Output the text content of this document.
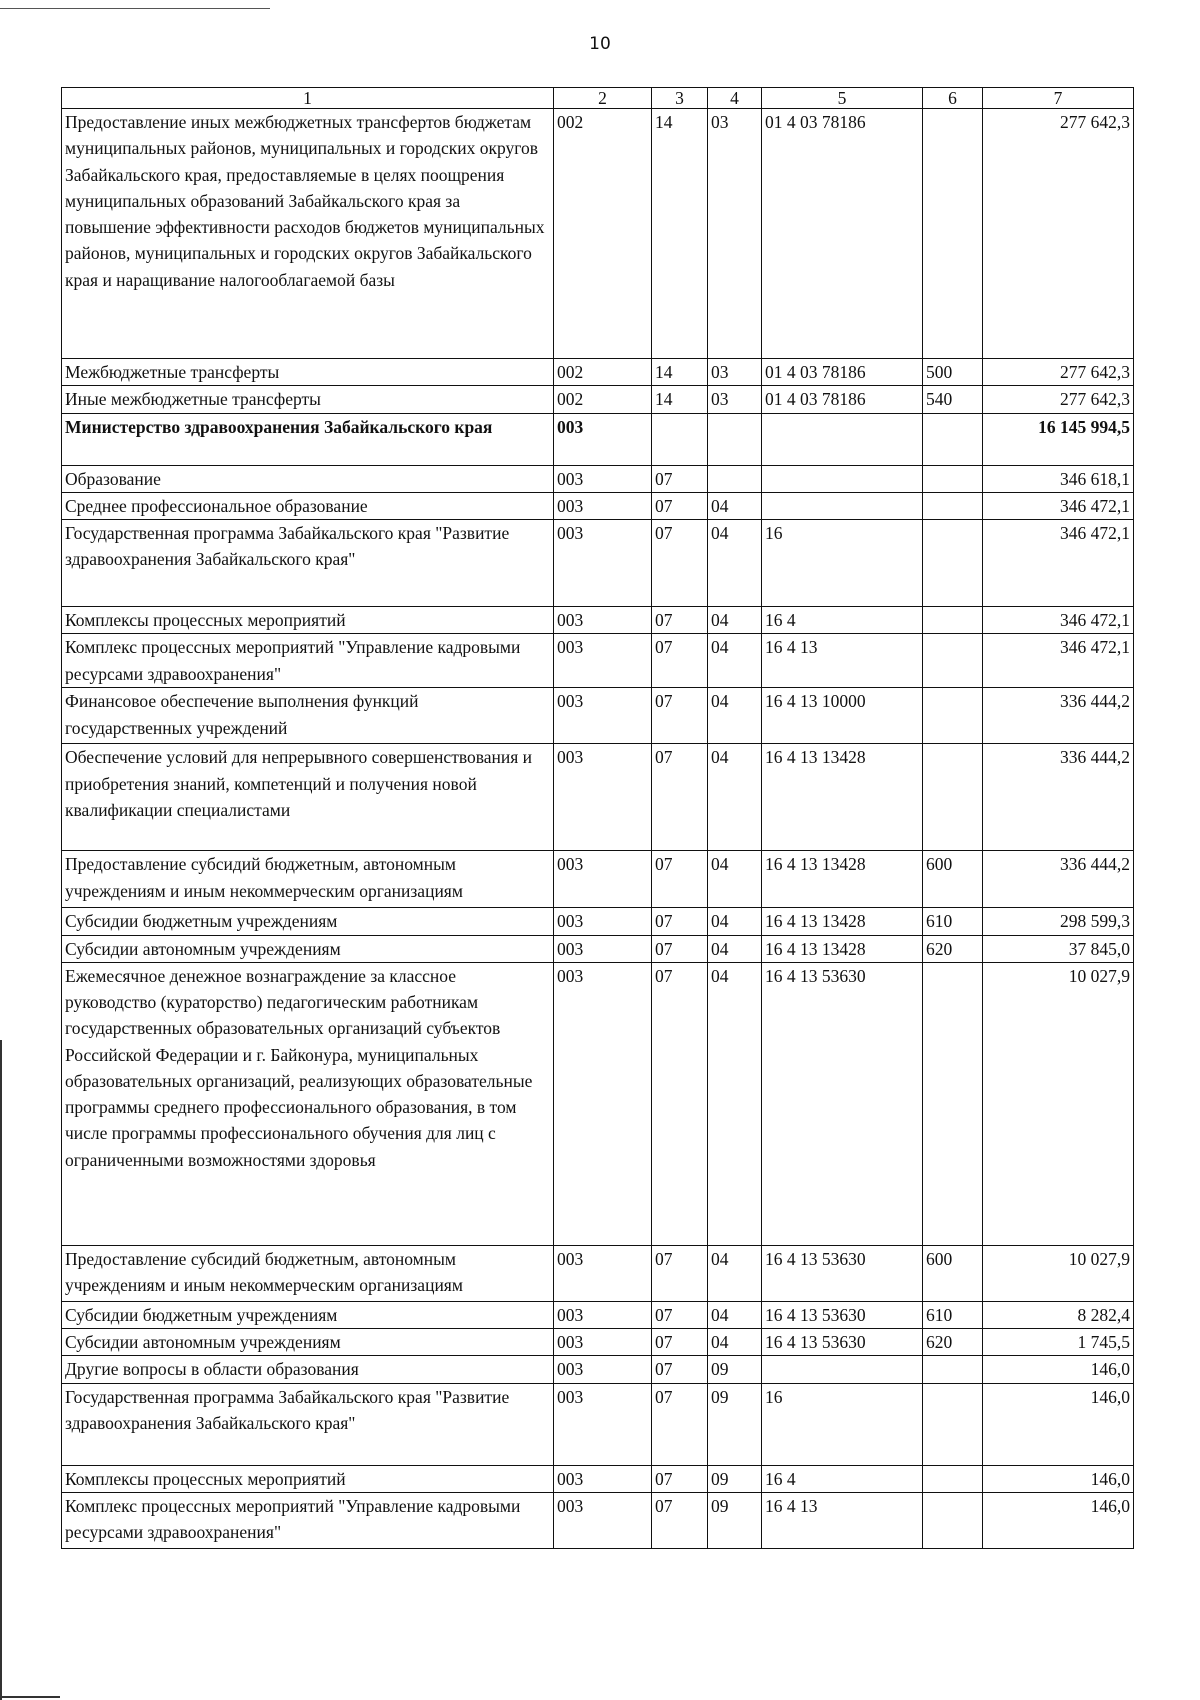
10
1	2	3	4	5	6	7
Предоставление иных межбюджетных трансфертов бюджетам муниципальных районов, муниципальных и городских округов Забайкальского края, предоставляемые в целях поощрения муниципальных образований Забайкальского края за повышение эффективности расходов бюджетов муниципальных районов, муниципальных и городских округов Забайкальского края и наращивание налогооблагаемой базы	002	14	03	01 4 03 78186		277 642,3
Межбюджетные трансферты	002	14	03	01 4 03 78186	500	277 642,3
Иные межбюджетные трансферты	002	14	03	01 4 03 78186	540	277 642,3
Министерство здравоохранения Забайкальского края	003					16 145 994,5
Образование	003	07				346 618,1
Среднее профессиональное образование	003	07	04			346 472,1
Государственная программа Забайкальского края "Развитие здравоохранения Забайкальского края"	003	07	04	16		346 472,1
Комплексы процессных мероприятий	003	07	04	16 4		346 472,1
Комплекс процессных мероприятий "Управление кадровыми ресурсами здравоохранения"	003	07	04	16 4 13		346 472,1
Финансовое обеспечение выполнения функций государственных учреждений	003	07	04	16 4 13 10000		336 444,2
Обеспечение условий для непрерывного совершенствования и приобретения знаний, компетенций и получения новой квалификации специалистами	003	07	04	16 4 13 13428		336 444,2
Предоставление субсидий бюджетным, автономным учреждениям и иным некоммерческим организациям	003	07	04	16 4 13 13428	600	336 444,2
Субсидии бюджетным учреждениям	003	07	04	16 4 13 13428	610	298 599,3
Субсидии автономным учреждениям	003	07	04	16 4 13 13428	620	37 845,0
Ежемесячное денежное вознаграждение за классное руководство (кураторство) педагогическим работникам государственных образовательных организаций субъектов Российской Федерации и г. Байконура, муниципальных образовательных организаций, реализующих образовательные программы среднего профессионального образования, в том числе программы профессионального обучения для лиц с ограниченными возможностями здоровья	003	07	04	16 4 13 53630		10 027,9
Предоставление субсидий бюджетным, автономным учреждениям и иным некоммерческим организациям	003	07	04	16 4 13 53630	600	10 027,9
Субсидии бюджетным учреждениям	003	07	04	16 4 13 53630	610	8 282,4
Субсидии автономным учреждениям	003	07	04	16 4 13 53630	620	1 745,5
Другие вопросы в области образования	003	07	09			146,0
Государственная программа Забайкальского края "Развитие здравоохранения Забайкальского края"	003	07	09	16		146,0
Комплексы процессных мероприятий	003	07	09	16 4		146,0
Комплекс процессных мероприятий "Управление кадровыми ресурсами здравоохранения"	003	07	09	16 4 13		146,0
